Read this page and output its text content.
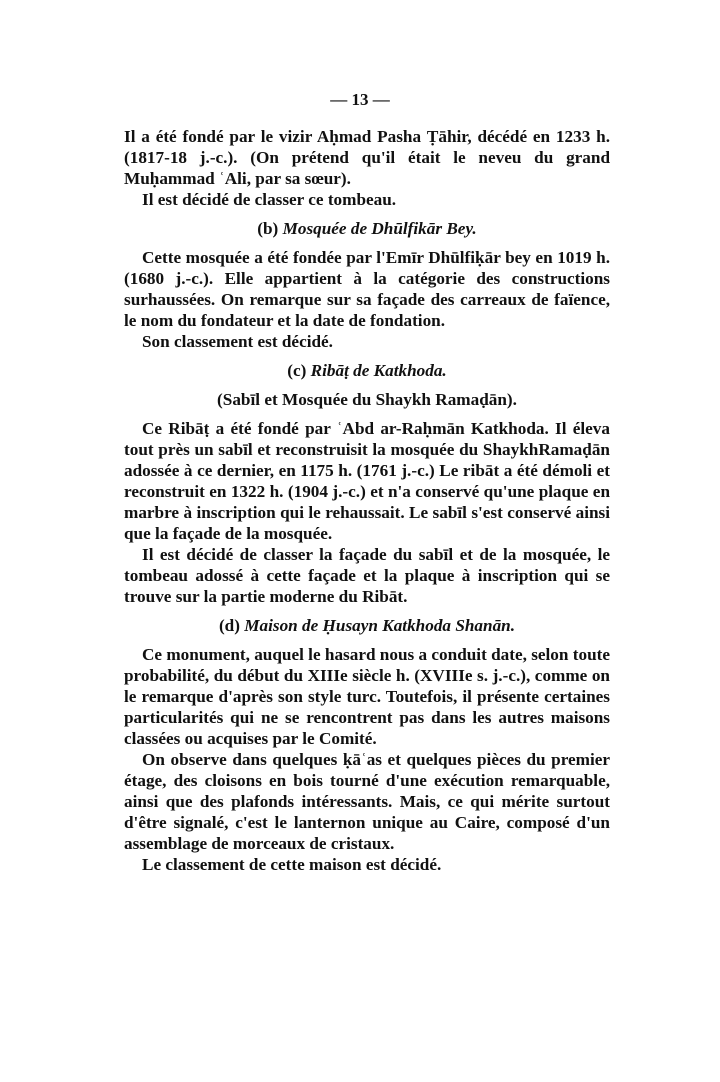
— 13 —

Il a été fondé par le vizir Aḥmad Pasha Ṭāhir, décédé en 1233 h. (1817-18 j.-c.). (On prétend qu'il était le neveu du grand Muḥammad ʿAli, par sa sœur).

Il est décidé de classer ce tombeau.

(b) Mosquée de Dhūlfikār Bey.

Cette mosquée a été fondée par l'Emīr Dhūlfiḳār bey en 1019 h. (1680 j.-c.). Elle appartient à la catégorie des constructions surhaussées. On remarque sur sa façade des carreaux de faïence, le nom du fondateur et la date de fondation.

Son classement est décidé.

(c) Ribāṭ de Katkhoda.
(Sabīl et Mosquée du Shaykh Ramaḍān).

Ce Ribāṭ a été fondé par ʿAbd ar-Raḥmān Katkhoda. Il éleva tout près un sabīl et reconstruisit la mosquée du ShaykhRamaḍān adossée à ce dernier, en 1175 h. (1761 j.-c.) Le ribāt a été démoli et reconstruit en 1322 h. (1904 j.-c.) et n'a conservé qu'une plaque en marbre à inscription qui le rehaussait. Le sabīl s'est conservé ainsi que la façade de la mosquée.

Il est décidé de classer la façade du sabīl et de la mosquée, le tombeau adossé à cette façade et la plaque à inscription qui se trouve sur la partie moderne du Ribāt.

(d) Maison de Ḥusayn Katkhoda Shanān.

Ce monument, auquel le hasard nous a conduit date, selon toute probabilité, du début du XIIIe siècle h. (XVIIIe s. j.-c.), comme on le remarque d'après son style turc. Toutefois, il présente certaines particularités qui ne se rencontrent pas dans les autres maisons classées ou acquises par le Comité.

On observe dans quelques ḳāʿas et quelques pièces du premier étage, des cloisons en bois tourné d'une exécution remarquable, ainsi que des plafonds intéressants. Mais, ce qui mérite surtout d'être signalé, c'est le lanternon unique au Caire, composé d'un assemblage de morceaux de cristaux.

Le classement de cette maison est décidé.
